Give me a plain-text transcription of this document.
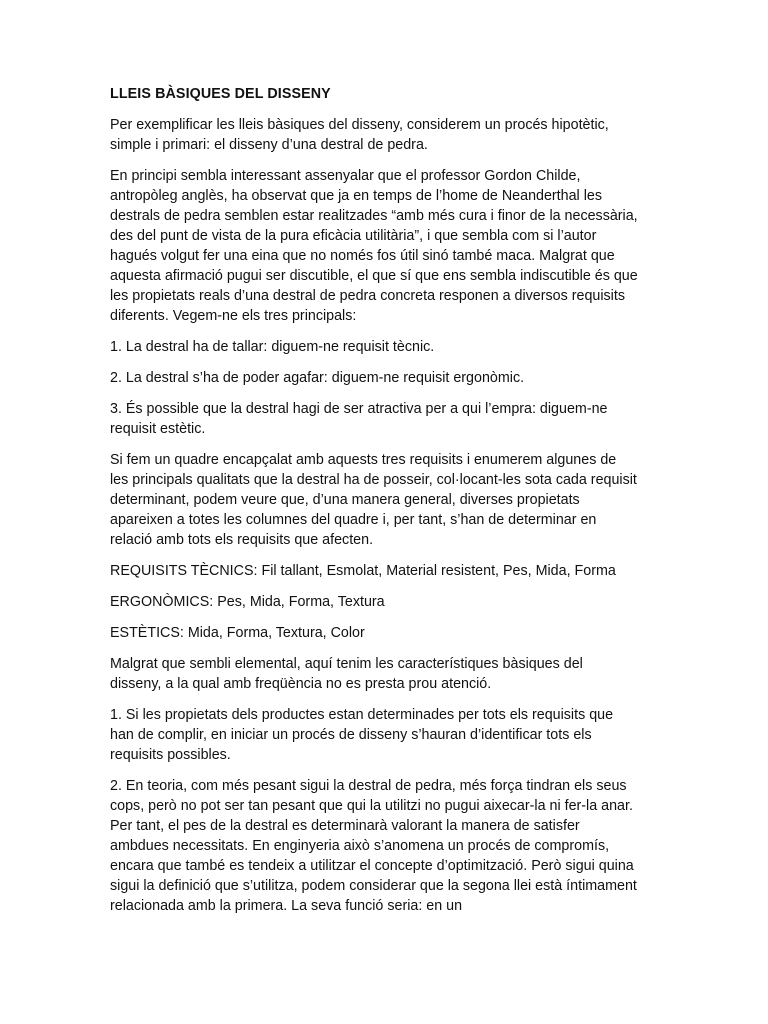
LLEIS BÀSIQUES DEL DISSENY

Per exemplificar les lleis bàsiques del disseny, considerem un procés hipotètic, simple i primari: el disseny d’una destral de pedra.

En principi sembla interessant assenyalar que el professor Gordon Childe, antropòleg anglès, ha observat que ja en temps de l’home de Neanderthal les destrals de pedra semblen estar realitzades “amb més cura i finor de la necessària, des del punt de vista de la pura eficàcia utilitària”, i que sembla com si l’autor hagués volgut fer una eina que no només fos útil sinó també maca. Malgrat que aquesta afirmació pugui ser discutible, el que sí que ens sembla indiscutible és que les propietats reals d’una destral de pedra concreta responen a diversos requisits diferents. Vegem-ne els tres principals:

1. La destral ha de tallar: diguem-ne requisit tècnic.

2. La destral s’ha de poder agafar: diguem-ne requisit ergonòmic.

3. És possible que la destral hagi de ser atractiva per a qui l’empra: diguem-ne requisit estètic.

Si fem un quadre encapçalat amb aquests tres requisits i enumerem algunes de les principals qualitats que la destral ha de posseir, col·locant-les sota cada requisit determinant, podem veure que, d’una manera general, diverses propietats apareixen a totes les columnes del quadre i, per tant, s’han de determinar en relació amb tots els requisits que afecten.

REQUISITS TÈCNICS: Fil tallant, Esmolat, Material resistent, Pes, Mida, Forma

ERGONÒMICS: Pes, Mida, Forma, Textura

ESTÈTICS: Mida, Forma, Textura, Color

Malgrat que sembli elemental, aquí tenim les característiques bàsiques del disseny, a la qual amb freqüència no es presta prou atenció.

1. Si les propietats dels productes estan determinades per tots els requisits que han de complir, en iniciar un procés de disseny s’hauran d’identificar tots els requisits possibles.

2. En teoria, com més pesant sigui la destral de pedra, més força tindran els seus cops, però no pot ser tan pesant que qui la utilitzi no pugui aixecar-la ni fer-la anar. Per tant, el pes de la destral es determinarà valorant la manera de satisfer ambdues necessitats. En enginyeria això s’anomena un procés de compromís, encara que també es tendeix a utilitzar el concepte d’optimització. Però sigui quina sigui la definició que s’utilitza, podem considerar que la segona llei està íntimament relacionada amb la primera. La seva funció seria: en un
